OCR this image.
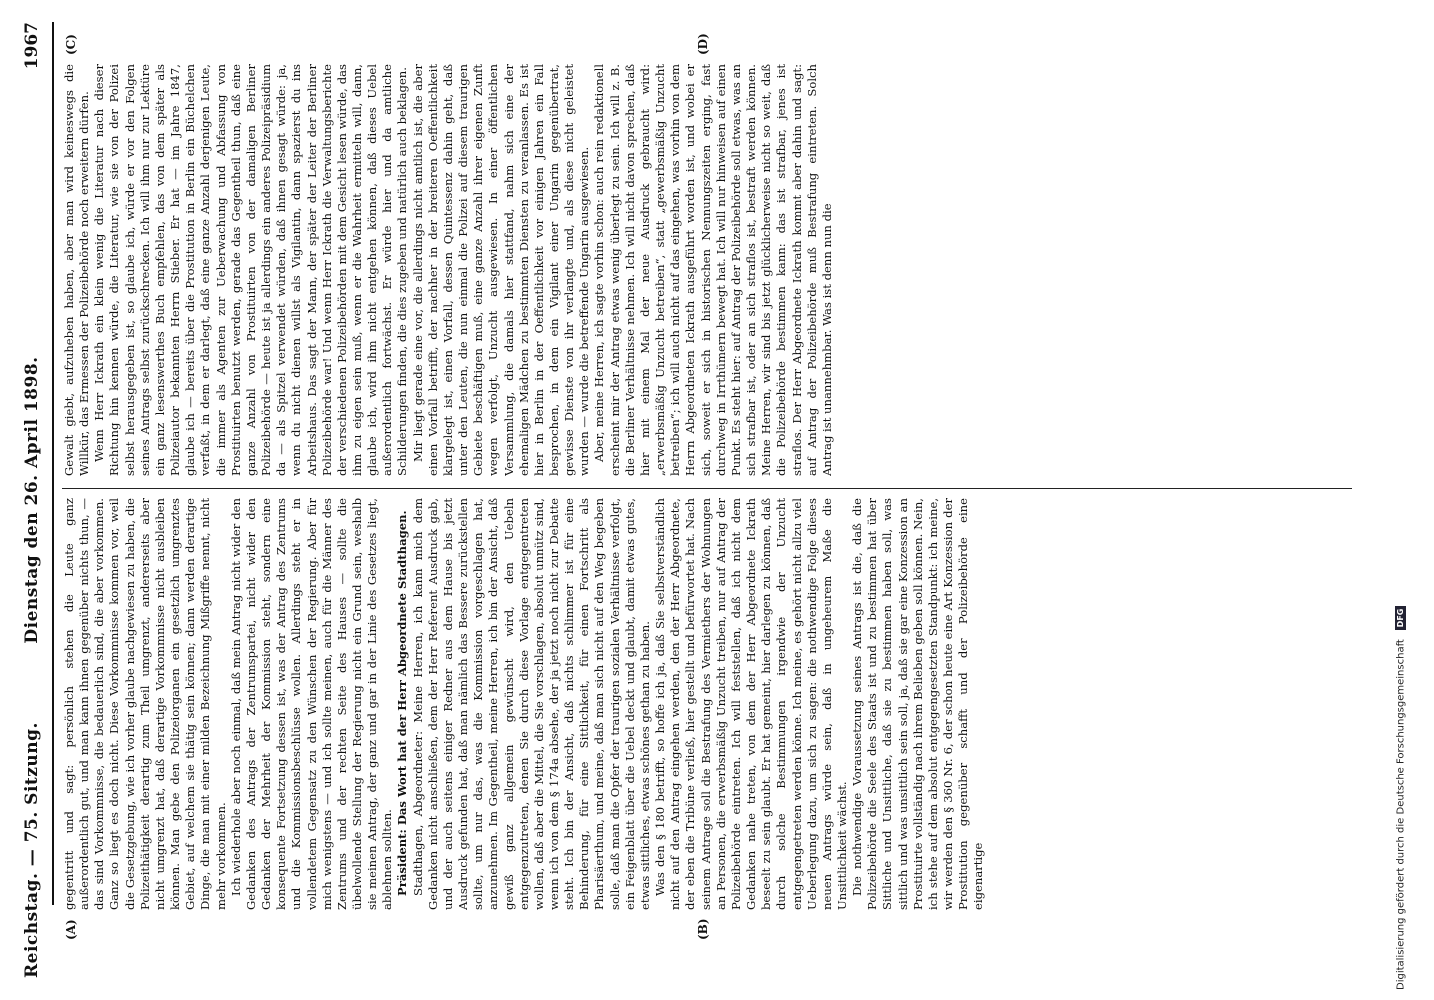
Reichstag. — 75. Sitzung.
Dienstag den 26. April 1898.
1967
(A)	(B)
(C)	(D)

gegentritt und sagt: persönlich stehen die Leute ganz außerordentlich gut, und man kann ihnen gegenüber nichts thun, — das sind Vorkommnisse, die bedauerlich sind, die aber vorkommen. Ganz so liegt es doch nicht. Diese Vorkommnisse kommen vor, weil die Gesetzgebung, wie ich vorher glaube nachgewiesen zu haben, die Polizeithätigkeit derartig zum Theil umgrenzt, andererseits aber nicht umgrenzt hat, daß derartige Vorkommnisse nicht ausbleiben können. Man gebe den Polizeiorganen ein gesetzlich umgrenztes Gebiet, auf welchem sie thätig sein können; dann werden derartige Dinge, die man mit einer milden Bezeichnung Mißgriffe nennt, nicht mehr vorkommen. Ich wiederhole aber noch einmal, daß mein Antrag nicht wider den Gedanken des Antrags der Zentrumspartei, nicht wider den Gedanken der Mehrheit der Kommission steht, sondern eine konsequente Fortsetzung dessen ist, was der Antrag des Zentrums und die Kommissionsbeschlüsse wollen. Allerdings steht er in vollendetem Gegensatz zu den Wünschen der Regierung. Aber für mich wenigstens — und ich sollte meinen, auch für die Männer des Zentrums und der rechten Seite des Hauses — sollte die übelwollende Stellung der Regierung nicht ein Grund sein, weshalb sie meinen Antrag, der ganz und gar in der Linie des Gesetzes liegt, ablehnen sollten. Präsident: Das Wort hat der Herr Abgeordnete Stadthagen. Stadthagen, Abgeordneter: Meine Herren, ich kann mich dem Gedanken nicht anschließen, dem der Herr Referent Ausdruck gab, und der auch seitens einiger Redner aus dem Hause bis jetzt Ausdruck gefunden hat, daß man nämlich das Bessere zurückstellen sollte, um nur das, was die Kommission vorgeschlagen hat, anzunehmen. Im Gegentheil, meine Herren, ich bin der Ansicht, daß gewiß ganz allgemein gewünscht wird, den Uebeln entgegenzutreten, denen Sie durch diese Vorlage entgegentreten wollen, daß aber die Mittel, die Sie vorschlagen, absolut unnütz sind, wenn ich von dem § 174a absehe, der ja jetzt noch nicht zur Debatte steht. Ich bin der Ansicht, daß nichts schlimmer ist für eine Behinderung, für eine Sittlichkeit, für einen Fortschritt als Pharisäerthum, und meine, daß man sich nicht auf den Weg begeben solle, daß man die Opfer der traurigen sozialen Verhältnisse verfolgt, ein Feigenblatt über die Uebel deckt und glaubt, damit etwas gutes, etwas sittliches, etwas schönes gethan zu haben. Was den § 180 betrifft, so hoffe ich ja, daß Sie selbstverständlich nicht auf den Antrag eingehen werden, den der Herr Abgeordnete, der eben die Tribüne verließ, hier gestellt und befürwortet hat. Nach seinem Antrage soll die Bestrafung des Vermiethers der Wohnungen an Personen, die erwerbsmäßig Unzucht treiben, nur auf Antrag der Polizeibehörde eintreten. Ich will feststellen, daß ich nicht dem Gedanken nahe treten, von dem der Herr Abgeordnete Ickrath beseelt zu sein glaubt. Er hat gemeint, hier darlegen zu können, daß durch solche Bestimmungen irgendwie der Unzucht entgegengetreten werden könne. Ich meine, es gehört nicht allzu viel Ueberlegung dazu, um sich zu sagen: die nothwendige Folge dieses neuen Antrags würde sein, daß in ungeheurem Maße die Unsittlichkeit wächst. Die nothwendige Voraussetzung seines Antrags ist die, daß die Polizeibehörde die Seele des Staats ist und zu bestimmen hat über Sittliche und Unsittliche, daß sie zu bestimmen haben soll, was sittlich und was unsittlich sein soll, ja, daß sie gar eine Konzession an Prostituirte vollständig nach ihrem Belieben geben soll können. Nein, ich stehe auf dem absolut entgegengesetzten Standpunkt: ich meine, wir werden den § 360 Nr. 6, der schon heute eine Art Konzession der Prostitution gegenüber schafft und der Polizeibehörde eine eigenartige

Gewalt giebt, aufzuheben haben, aber man wird keineswegs die Willkür, das Ermessen der Polizeibehörde noch erweitern dürfen. Wenn Herr Ickrath ein klein wenig die Literatur nach dieser Richtung hin kennen würde, die Literatur, wie sie von der Polizei selbst herausgegeben ist, so glaube ich, würde er vor den Folgen seines Antrags selbst zurückschrecken. Ich will ihm nur zur Lektüre ein ganz lesenswerthes Buch empfehlen, das von dem später als Polizeiautor bekannten Herrn Stieber. Er hat — im Jahre 1847, glaube ich — bereits über die Prostitution in Berlin ein Büchelchen verfaßt, in dem er darlegt, daß eine ganze Anzahl derjenigen Leute, die immer als Agenten zur Ueberwachung und Abfassung von Prostituirten benutzt werden, gerade das Gegentheil thun, daß eine ganze Anzahl von Prostituirten von der damaligen Berliner Polizeibehörde — heute ist ja allerdings ein anderes Polizeipräsidium da — als Spitzel verwendet würden, daß ihnen gesagt würde: ja, wenn du nicht dienen willst als Vigilantin, dann spazierst du ins Arbeitshaus. Das sagt der Mann, der später der Leiter der Berliner Polizeibehörde war! Und wenn Herr Ickrath die Verwaltungsberichte der verschiedenen Polizeibehörden mit dem Gesicht lesen würde, das ihm zu eigen sein muß, wenn er die Wahrheit ermitteln will, dann, glaube ich, wird ihm nicht entgehen können, daß dieses Uebel außerordentlich fortwächst. Er würde hier und da amtliche Schilderungen finden, die dies zugeben und natürlich auch beklagen. Mir liegt gerade eine vor, die allerdings nicht amtlich ist, die aber einen Vorfall betrifft, der nachher in der breiteren Oeffentlichkeit klargelegt ist, einen Vorfall, dessen Quintessenz dahin geht, daß unter den Leuten, die nun einmal die Polizei auf diesem traurigen Gebiete beschäftigen muß, eine ganze Anzahl ihrer eigenen Zunft wegen verfolgt, Unzucht ausgewiesen. In einer öffentlichen Versammlung, die damals hier stattfand, nahm sich eine der ehemaligen Mädchen zu bestimmten Diensten zu veranlassen. Es ist hier in Berlin in der Oeffentlichkeit vor einigen Jahren ein Fall besprochen, in dem ein Vigilant einer Ungarin gegenübertrat, gewisse Dienste von ihr verlangte und, als diese nicht geleistet wurden — wurde die betreffende Ungarin ausgewiesen. Aber, meine Herren, ich sagte vorhin schon: auch rein redaktionell erscheint mir der Antrag etwas wenig überlegt zu sein. Ich will z. B. die Berliner Verhältnisse nehmen. Ich will nicht davon sprechen, daß hier mit einem Mal der neue Ausdruck gebraucht wird: „erwerbsmäßig Unzucht betreiben“, statt „gewerbsmäßig Unzucht betreiben“; ich will auch nicht auf das eingehen, was vorhin von dem Herrn Abgeordneten Ickrath ausgeführt worden ist, und wobei er sich, soweit er sich in historischen Nennungszeiten erging, fast durchweg in Irrthümern bewegt hat. Ich will nur hinweisen auf einen Punkt. Es steht hier: auf Antrag der Polizeibehörde soll etwas, was an sich strafbar ist, oder an sich straflos ist, bestraft werden können. Meine Herren, wir sind bis jetzt glücklicherweise nicht so weit, daß die Polizeibehörde bestimmen kann: das ist strafbar, jenes ist straflos. Der Herr Abgeordnete Ickrath kommt aber dahin und sagt: auf Antrag der Polizeibehörde muß Bestrafung eintreten. Solch Antrag ist unannehmbar. Was ist denn nun die

Digitalisierung gefördert durch die Deutsche Forschungsgemeinschaft DFG
